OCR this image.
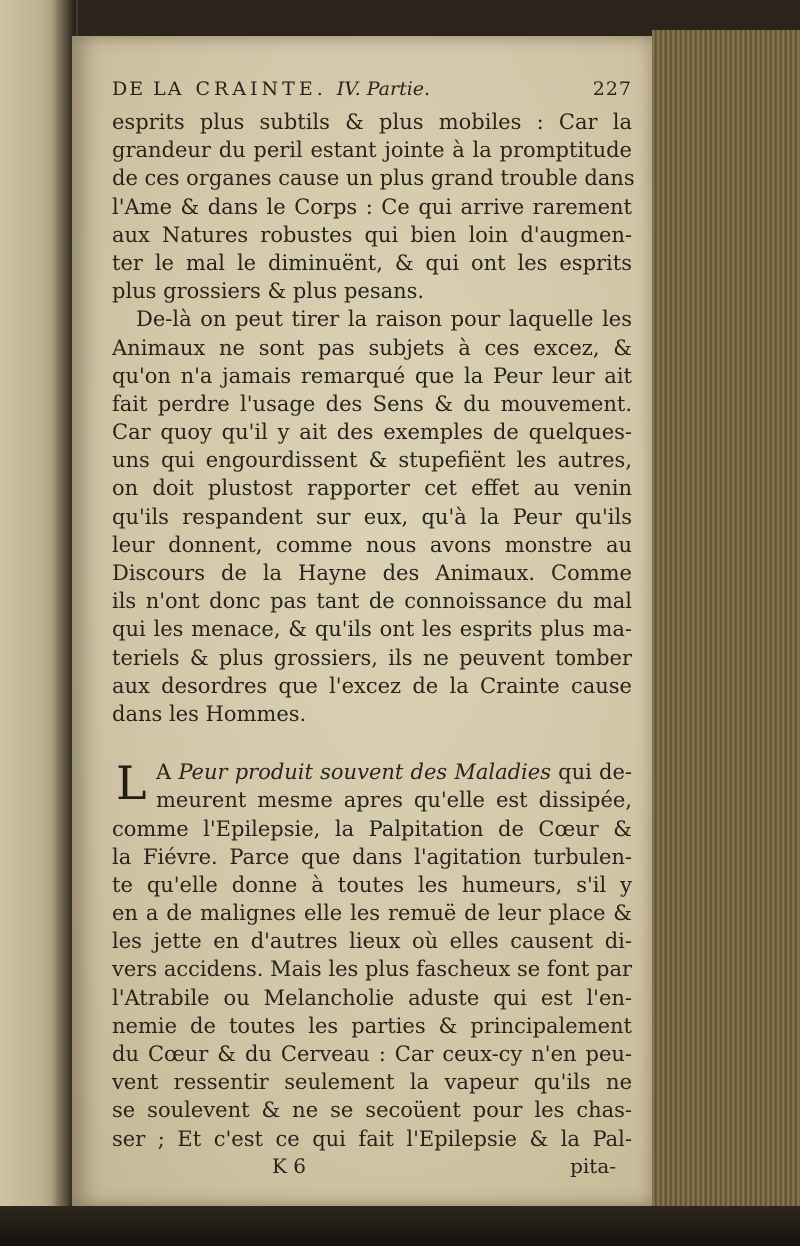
DE LA CRAINTE. IV. Partie.	227
esprits plus subtils & plus mobiles : Car la
grandeur du peril estant jointe à la promptitude
de ces organes cause un plus grand trouble dans
l'Ame & dans le Corps : Ce qui arrive rarement
aux Natures robustes qui bien loin d'augmen-
ter le mal le diminuënt, & qui ont les esprits
plus grossiers & plus pesans.
De-là on peut tirer la raison pour laquelle les
Animaux ne sont pas subjets à ces excez, &
qu'on n'a jamais remarqué que la Peur leur ait
fait perdre l'usage des Sens & du mouvement.
Car quoy qu'il y ait des exemples de quelques-
uns qui engourdissent & stupefiënt les autres,
on doit plustost rapporter cet effet au venin
qu'ils respandent sur eux, qu'à la Peur qu'ils
leur donnent, comme nous avons monstre au
Discours de la Hayne des Animaux. Comme
ils n'ont donc pas tant de connoissance du mal
qui les menace, & qu'ils ont les esprits plus ma-
teriels & plus grossiers, ils ne peuvent tomber
aux desordres que l'excez de la Crainte cause
dans les Hommes.
L A Peur produit souvent des Maladies qui de-
meurent mesme apres qu'elle est dissipée,
comme l'Epilepsie, la Palpitation de Cœur &
la Fiévre. Parce que dans l'agitation turbulen-
te qu'elle donne à toutes les humeurs, s'il y
en a de malignes elle les remuë de leur place &
les jette en d'autres lieux où elles causent di-
vers accidens. Mais les plus fascheux se font par
l'Atrabile ou Melancholie aduste qui est l'en-
nemie de toutes les parties & principalement
du Cœur & du Cerveau : Car ceux-cy n'en peu-
vent ressentir seulement la vapeur qu'ils ne
se soulevent & ne se secoüent pour les chas-
ser ; Et c'est ce qui fait l'Epilepsie & la Pal-
K 6	pita-
